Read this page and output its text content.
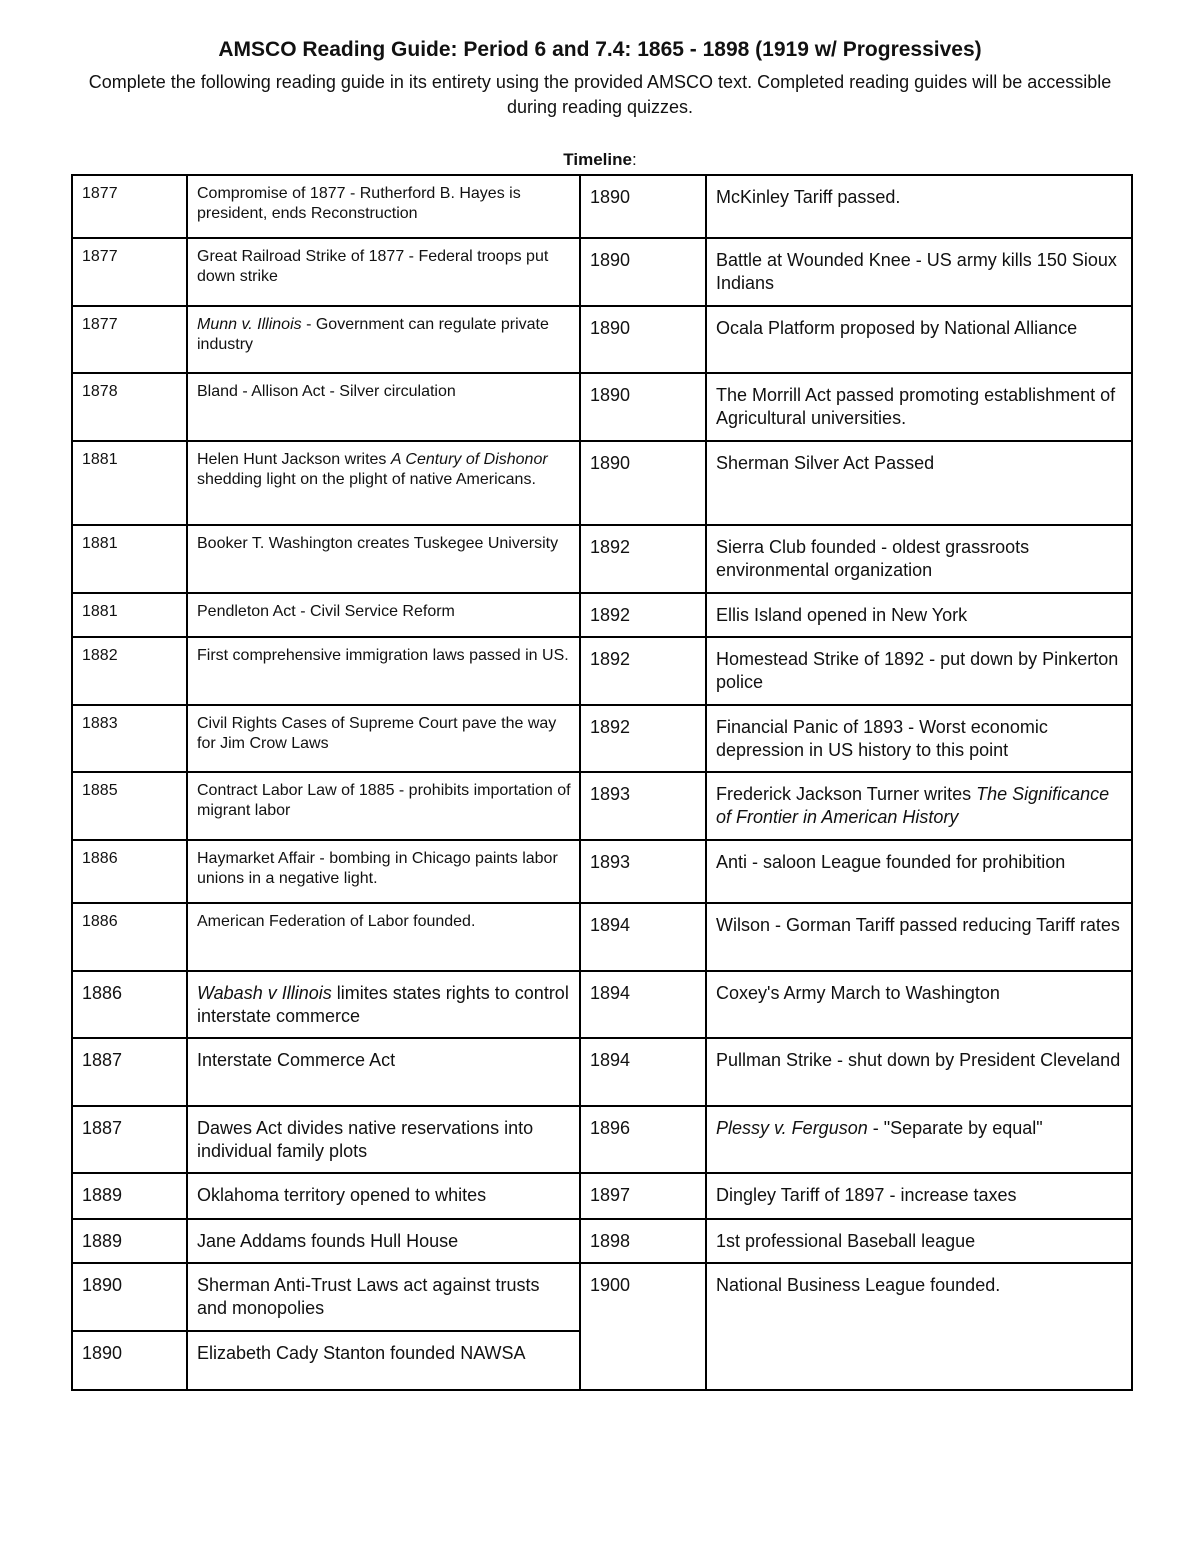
AMSCO Reading Guide: Period 6 and 7.4: 1865 - 1898 (1919 w/ Progressives)
Complete the following reading guide in its entirety using the provided AMSCO text. Completed reading guides will be accessible during reading quizzes.
Timeline:
1877	Compromise of 1877 - Rutherford B. Hayes is president, ends Reconstruction	1890	McKinley Tariff passed.
1877	Great Railroad Strike of 1877 - Federal troops put down strike	1890	Battle at Wounded Knee - US army kills 150 Sioux Indians
1877	Munn v. Illinois - Government can regulate private industry	1890	Ocala Platform proposed by National Alliance
1878	Bland - Allison Act - Silver circulation	1890	The Morrill Act passed promoting establishment of Agricultural universities.
1881	Helen Hunt Jackson writes A Century of Dishonor shedding light on the plight of native Americans.	1890	Sherman Silver Act Passed
1881	Booker T. Washington creates Tuskegee University	1892	Sierra Club founded - oldest grassroots environmental organization
1881	Pendleton Act - Civil Service Reform	1892	Ellis Island opened in New York
1882	First comprehensive immigration laws passed in US.	1892	Homestead Strike of 1892 - put down by Pinkerton police
1883	Civil Rights Cases of Supreme Court pave the way for Jim Crow Laws	1892	Financial Panic of 1893 - Worst economic depression in US history to this point
1885	Contract Labor Law of 1885 - prohibits importation of migrant labor	1893	Frederick Jackson Turner writes The Significance of Frontier in American History
1886	Haymarket Affair - bombing in Chicago paints labor unions in a negative light.	1893	Anti - saloon League founded for prohibition
1886	American Federation of Labor founded.	1894	Wilson - Gorman Tariff passed reducing Tariff rates
1886	Wabash v Illinois limites states rights to control interstate commerce	1894	Coxey's Army March to Washington
1887	Interstate Commerce Act	1894	Pullman Strike - shut down by President Cleveland
1887	Dawes Act divides native reservations into individual family plots	1896	Plessy v. Ferguson - "Separate by equal"
1889	Oklahoma territory opened to whites	1897	Dingley Tariff of 1897 - increase taxes
1889	Jane Addams founds Hull House	1898	1st professional Baseball league
1890	Sherman Anti-Trust Laws act against trusts and monopolies	1900	National Business League founded.
1890	Elizabeth Cady Stanton founded NAWSA		
